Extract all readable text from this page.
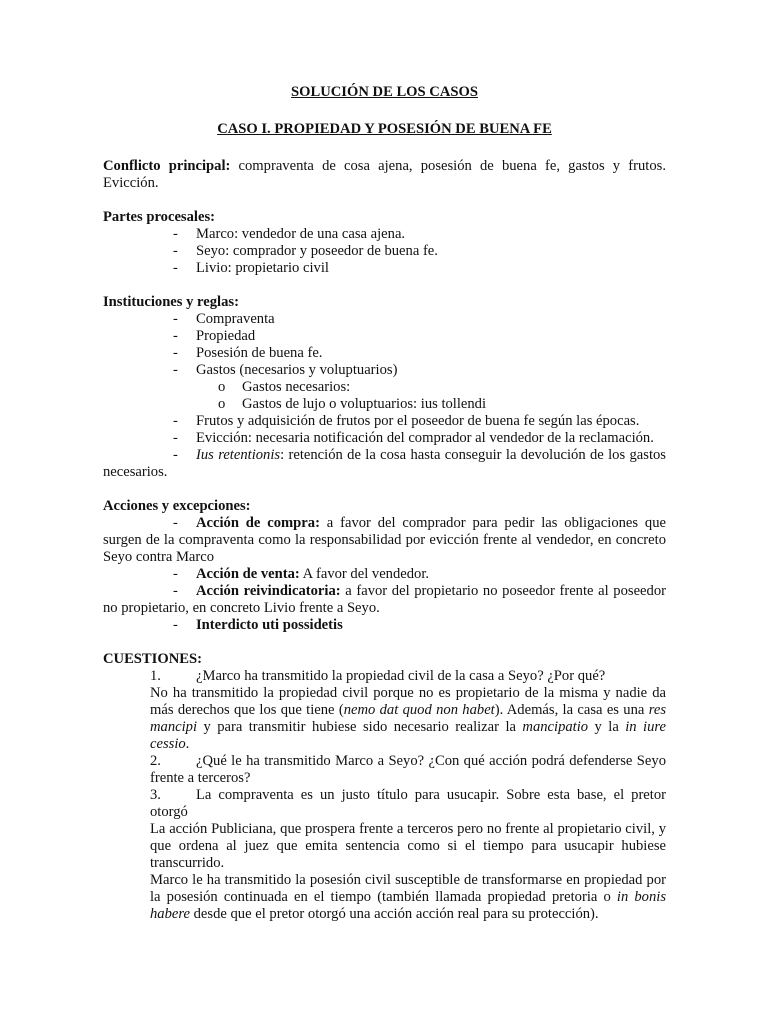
SOLUCIÓN DE LOS CASOS

CASO I. PROPIEDAD Y POSESIÓN DE BUENA FE

Conflicto principal: compraventa de cosa ajena, posesión de buena fe, gastos y frutos. Evicción.

Partes procesales:

- Marco: vendedor de una casa ajena.
- Seyo: comprador y poseedor de buena fe.
- Livio: propietario civil

Instituciones y reglas:

- Compraventa
- Propiedad
- Posesión de buena fe.
- Gastos (necesarios y voluptuarios)
o Gastos necesarios:
o Gastos de lujo o voluptuarios: ius tollendi
- Frutos y adquisición de frutos por el poseedor de buena fe según las épocas.

- Evicción: necesaria notificación del comprador al vendedor de la reclamación.

- Ius retentionis: retención de la cosa hasta conseguir la devolución de los gastos necesarios.

Acciones y excepciones:

- Acción de compra: a favor del comprador para pedir las obligaciones que surgen de la compraventa como la responsabilidad por evicción frente al vendedor, en concreto Seyo contra Marco

- Acción de venta: A favor del vendedor.

- Acción reivindicatoria: a favor del propietario no poseedor frente al poseedor no propietario, en concreto Livio frente a Seyo.

- Interdicto uti possidetis

CUESTIONES:

1. ¿Marco ha transmitido la propiedad civil de la casa a Seyo? ¿Por qué?

No ha transmitido la propiedad civil porque no es propietario de la misma y nadie da más derechos que los que tiene (nemo dat quod non habet). Además, la casa es una res mancipi y para transmitir hubiese sido necesario realizar la mancipatio y la in iure cessio.

2. ¿Qué le ha transmitido Marco a Seyo? ¿Con qué acción podrá defenderse Seyo frente a terceros?

3. La compraventa es un justo título para usucapir. Sobre esta base, el pretor otorgó

La acción Publiciana, que prospera frente a terceros pero no frente al propietario civil, y que ordena al juez que emita sentencia como si el tiempo para usucapir hubiese transcurrido.

Marco le ha transmitido la posesión civil susceptible de transformarse en propiedad por la posesión continuada en el tiempo (también llamada propiedad pretoria o in bonis habere desde que el pretor otorgó una acción acción real para su protección).
